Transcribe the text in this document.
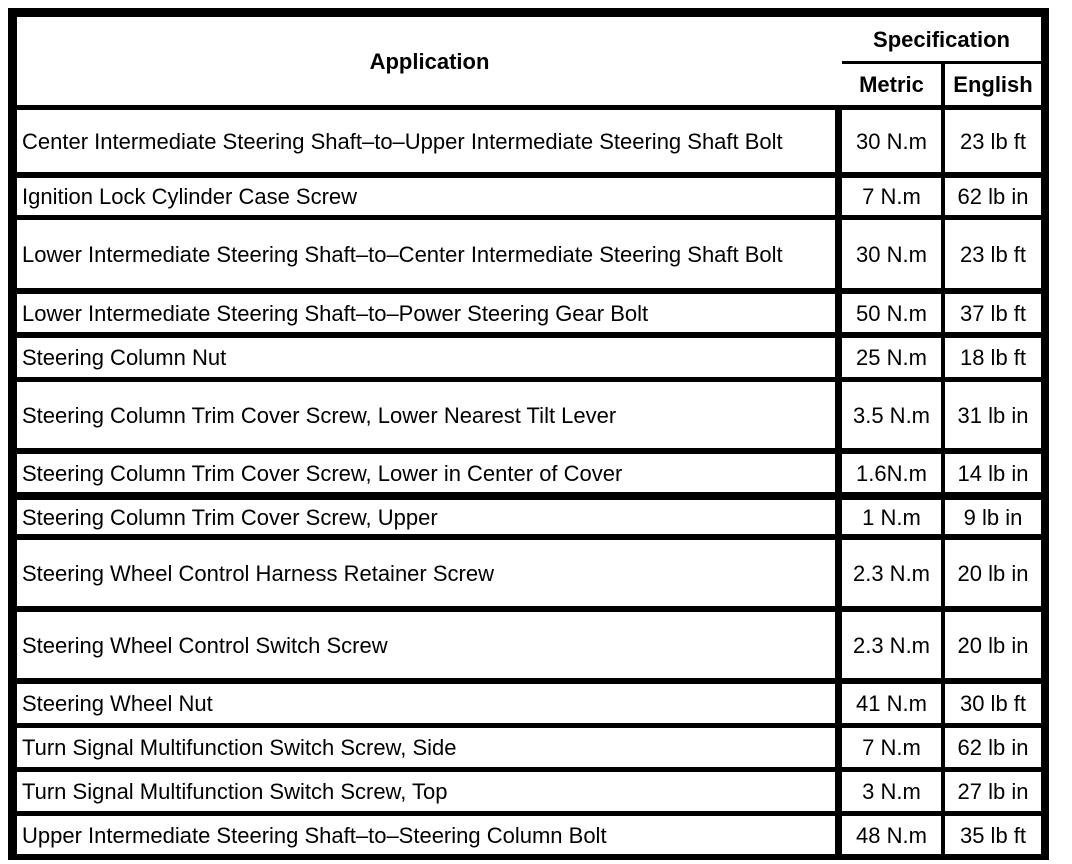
Application
Specification
Metric	English
Center Intermediate Steering Shaft–to–Upper Intermediate Steering Shaft Bolt	30 N.m	23 lb ft
Ignition Lock Cylinder Case Screw	7 N.m	62 lb in
Lower Intermediate Steering Shaft–to–Center Intermediate Steering Shaft Bolt	30 N.m	23 lb ft
Lower Intermediate Steering Shaft–to–Power Steering Gear Bolt	50 N.m	37 lb ft
Steering Column Nut	25 N.m	18 lb ft
Steering Column Trim Cover Screw, Lower Nearest Tilt Lever	3.5 N.m	31 lb in
Steering Column Trim Cover Screw, Lower in Center of Cover	1.6N.m	14 lb in
Steering Column Trim Cover Screw, Upper	1 N.m	9 lb in
Steering Wheel Control Harness Retainer Screw	2.3 N.m	20 lb in
Steering Wheel Control Switch Screw	2.3 N.m	20 lb in
Steering Wheel Nut	41 N.m	30 lb ft
Turn Signal Multifunction Switch Screw, Side	7 N.m	62 lb in
Turn Signal Multifunction Switch Screw, Top	3 N.m	27 lb in
Upper Intermediate Steering Shaft–to–Steering Column Bolt	48 N.m	35 lb ft
